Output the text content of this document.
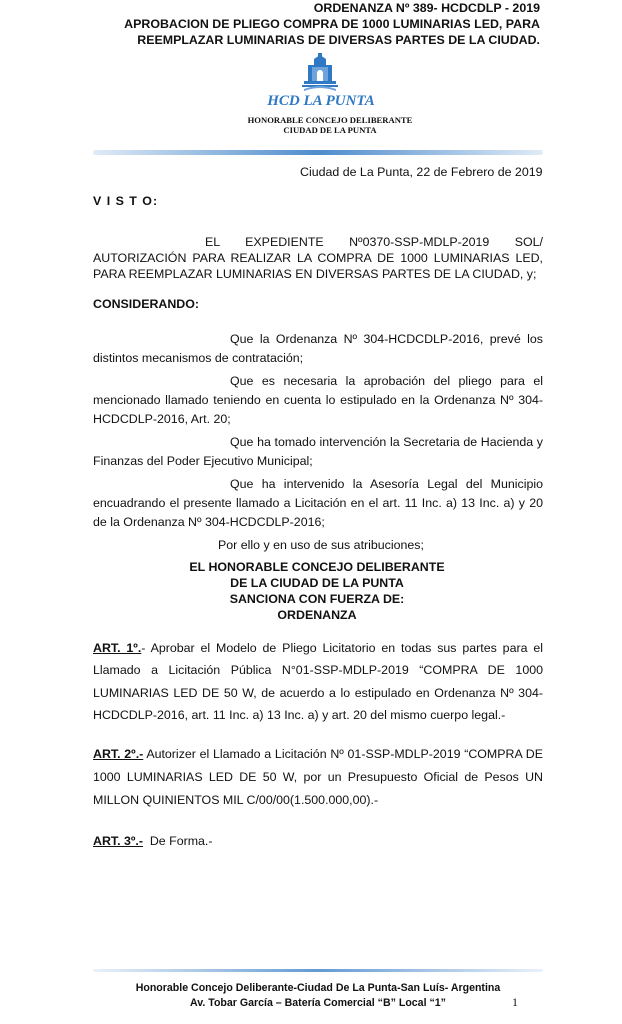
ORDENANZA Nº 389- HCDCDLP - 2019
APROBACION DE PLIEGO COMPRA DE 1000 LUMINARIAS LED, PARA
REEMPLAZAR LUMINARIAS DE DIVERSAS PARTES DE LA CIUDAD.
HCD LA PUNTA
HONORABLE CONCEJO DELIBERANTE
CIUDAD DE LA PUNTA
Ciudad de La Punta, 22 de Febrero de 2019
V I S T O:
EL EXPEDIENTE Nº0370-SSP-MDLP-2019 SOL/
AUTORIZACIÓN PARA REALIZAR LA COMPRA DE 1000 LUMINARIAS LED,
PARA REEMPLAZAR LUMINARIAS EN DIVERSAS PARTES DE LA CIUDAD, y;
CONSIDERANDO:
Que la Ordenanza Nº 304-HCDCDLP-2016, prevé los
distintos mecanismos de contratación;
Que es necesaria la aprobación del pliego para el
mencionado llamado teniendo en cuenta lo estipulado en la Ordenanza Nº 304-
HCDCDLP-2016, Art. 20;
Que ha tomado intervención la Secretaria de Hacienda y
Finanzas del Poder Ejecutivo Municipal;
Que ha intervenido la Asesoría Legal del Municipio
encuadrando el presente llamado a Licitación en el art. 11 Inc. a) 13 Inc. a) y 20
de la Ordenanza Nº 304-HCDCDLP-2016;
Por ello y en uso de sus atribuciones;
EL HONORABLE CONCEJO DELIBERANTE
DE LA CIUDAD DE LA PUNTA
SANCIONA CON FUERZA DE:
ORDENANZA
ART. 1º.- Aprobar el Modelo de Pliego Licitatorio en todas sus partes para el
Llamado a Licitación Pública N°01-SSP-MDLP-2019 “COMPRA DE 1000
LUMINARIAS LED DE 50 W, de acuerdo a lo estipulado en Ordenanza Nº 304-
HCDCDLP-2016, art. 11 Inc. a) 13 Inc. a) y art. 20 del mismo cuerpo legal.-
ART. 2º.- Autorizer el Llamado a Licitación Nº 01-SSP-MDLP-2019 “COMPRA DE
1000 LUMINARIAS LED DE 50 W, por un Presupuesto Oficial de Pesos UN
MILLON QUINIENTOS MIL C/00/00(1.500.000,00).-
ART. 3º.-  De Forma.-
Honorable Concejo Deliberante-Ciudad De La Punta-San Luís- Argentina
Av. Tobar García – Batería Comercial “B” Local “1”	1
